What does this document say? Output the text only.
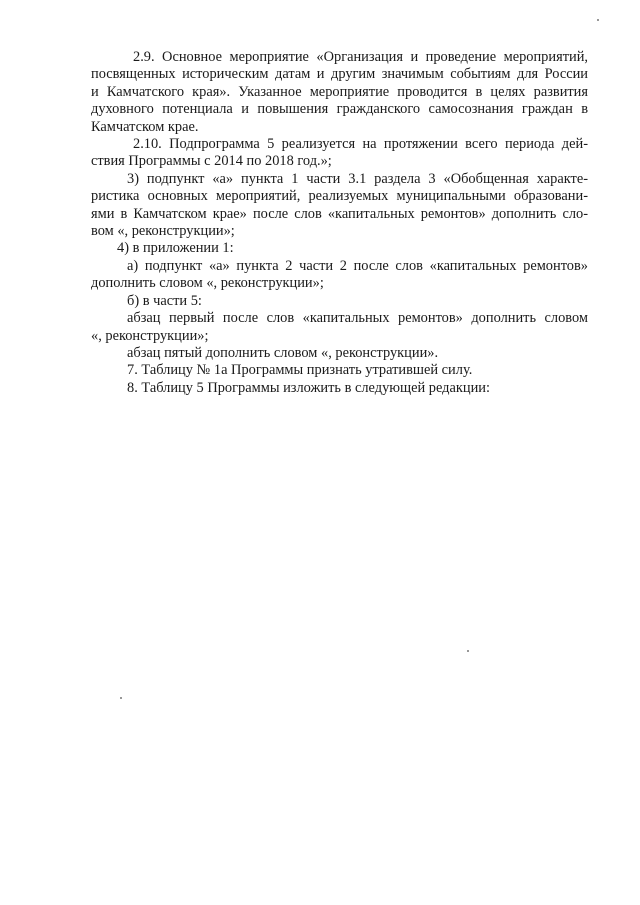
2.9. Основное мероприятие «Организация и проведение мероприятий,
посвященных историческим датам и другим значимым событиям для России
и Камчатского края». Указанное мероприятие проводится в целях развития
духовного потенциала и повышения гражданского самосознания граждан в
Камчатском крае.

2.10. Подпрограмма 5 реализуется на протяжении всего периода дей-
ствия Программы с 2014 по 2018 год.»;

3) подпункт «а» пункта 1 части 3.1 раздела 3 «Обобщенная характе-
ристика основных мероприятий, реализуемых муниципальными образовани-
ями в Камчатском крае» после слов «капитальных ремонтов» дополнить сло-
вом «, реконструкции»;

4) в приложении 1:

а) подпункт «а» пункта 2 части 2 после слов «капитальных ремонтов»
дополнить словом «, реконструкции»;

б) в части 5:

абзац первый после слов «капитальных ремонтов» дополнить словом
«, реконструкции»;

абзац пятый дополнить словом «, реконструкции».

7. Таблицу № 1а Программы признать утратившей силу.

8. Таблицу 5 Программы изложить в следующей редакции:
